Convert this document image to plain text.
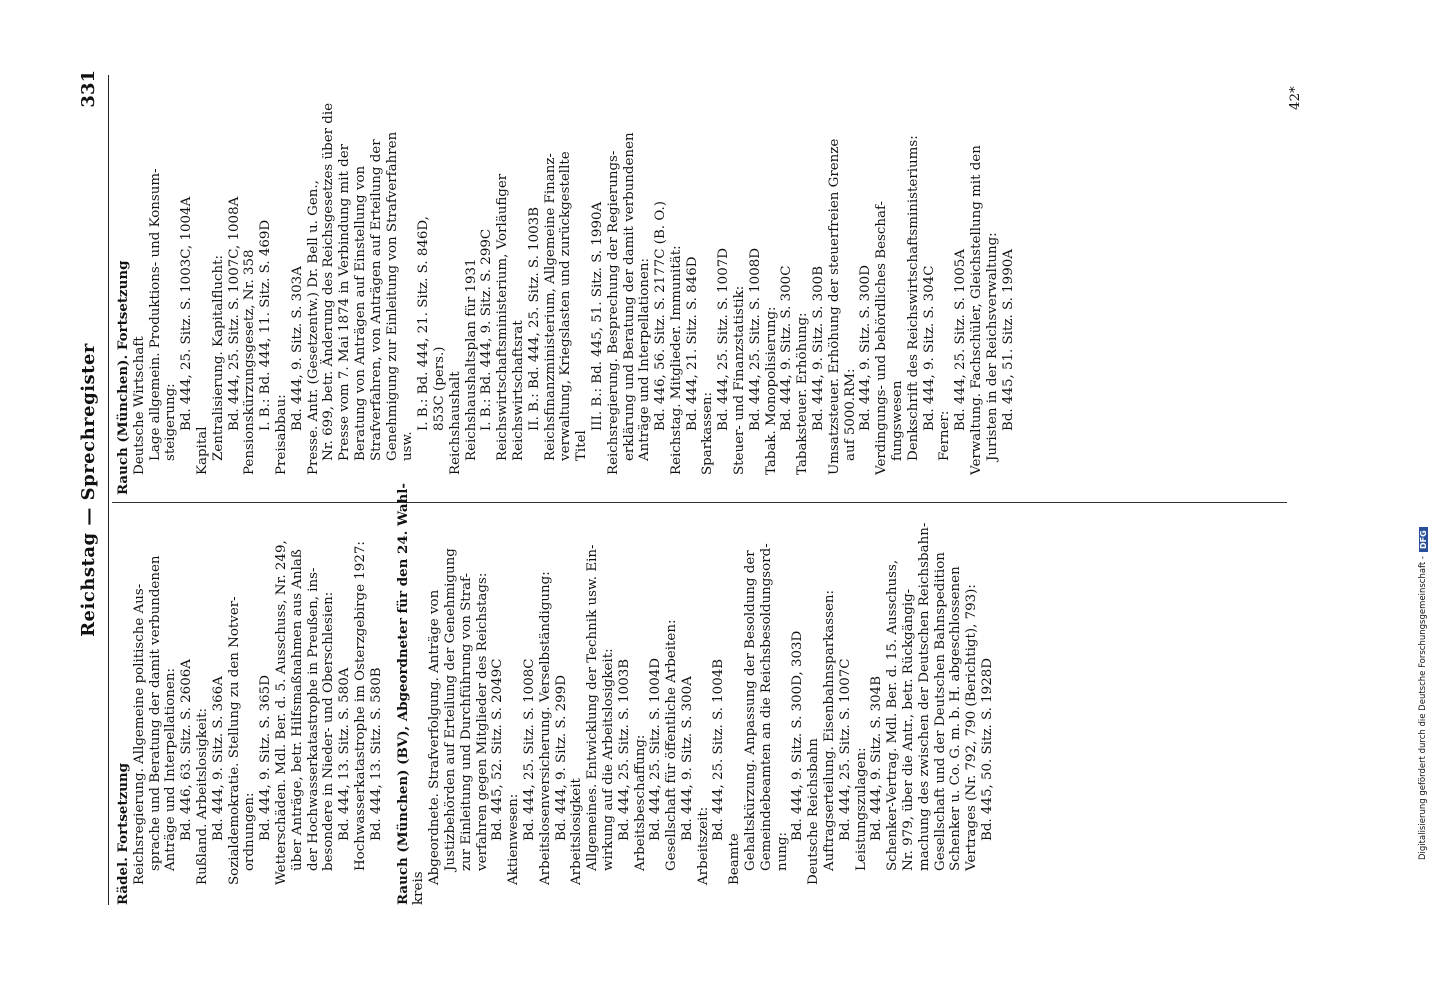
Reichstag — Sprechregister
331
Rädel. Fortsetzung Reichsregierung. Allgemeine politische Aus- sprache und Beratung der damit verbundenen Anträge und Interpellationen: Bd. 446, 63. Sitz. S. 2606A Rußland. Arbeitslosigkeit: Bd. 444, 9. Sitz. S. 366A Sozialdemokratie. Stellung zu den Notver- ordnungen: Bd. 444, 9. Sitz. S. 365D Wetterschäden. Mdl. Ber. d. 5. Ausschuss, Nr. 249, über Anträge, betr. Hilfsmaßnahmen aus Anlaß der Hochwasserkatastrophe in Preußen, ins- besondere in Nieder- und Oberschlesien: Bd. 444, 13. Sitz. S. 580A Hochwasserkatastrophe im Osterzgebirge 1927: Bd. 444, 13. Sitz. S. 580B Rauch (München) (BV), Abgeordneter für den 24. Wahl- kreis
Abgeordnete. Strafverfolgung. Anträge von Justizbehörden auf Erteilung der Genehmigung zur Einleitung und Durchführung von Straf- verfahren gegen Mitglieder des Reichstags: Bd. 445, 52. Sitz. S. 2049C Aktienwesen: Bd. 444, 25. Sitz. S. 1008C Arbeitslosenversicherung. Verselbständigung: Bd. 444, 9. Sitz. S. 299D Arbeitslosigkeit Allgemeines. Entwicklung der Technik usw. Ein- wirkung auf die Arbeitslosigkeit: Bd. 444, 25. Sitz. S. 1003B Arbeitsbeschaffung: Bd. 444, 25. Sitz. S. 1004D Gesellschaft für öffentliche Arbeiten: Bd. 444, 9. Sitz. S. 300A
Arbeitszeit:
Bd. 444, 25. Sitz. S. 1004B
Beamte Gehaltskürzung. Anpassung der Besoldung der Gemeindebeamten an die Reichsbesoldungsord- nung:
Bd. 444, 9. Sitz. S. 300D, 303D Deutsche Reichsbahn Auftragserteilung. Eisenbahnsparkassen: Bd. 444, 25. Sitz. S. 1007C Leistungszulagen: Bd. 444, 9. Sitz. S. 304B Schenker-Vertrag. Mdl. Ber. d. 15. Ausschuss, Nr. 979, über die Antr., betr. Rückgängig- machung des zwischen der Deutschen Reichsbahn- Gesellschaft und der Deutschen Bahnspedition Schenker u. Co. G. m. b. H. abgeschlossenen Vertrages (Nr. 792, 790 (Berichtigt), 793): Bd. 445, 50. Sitz. S. 1928D
Rauch (München). Fortsetzung Deutsche Wirtschaft Lage allgemein. Produktions- und Konsum- steigerung: Bd. 444, 25. Sitz. S. 1003C, 1004A
Kapital Zentralisierung. Kapitalflucht: Bd. 444, 25. Sitz. S. 1007C, 1008A Pensionskürzungsgesetz, Nr. 358 I. B.: Bd. 444, 11. Sitz. S. 469D
Preisabbau:
Bd. 444, 9. Sitz. S. 303A Presse. Antr. (Gesetzentw.) Dr. Bell u. Gen., Nr. 699, betr. Änderung des Reichsgesetzes über die Presse vom 7. Mai 1874 in Verbindung mit der Beratung von Anträgen auf Einstellung von Strafverfahren, von Anträgen auf Erteilung der Genehmigung zur Einleitung von Strafverfahren usw.
I. B.: Bd. 444, 21. Sitz. S. 846D, 853C (pers.) Reichshaushalt Reichshaushaltsplan für 1931 I. B.: Bd. 444, 9. Sitz. S. 299C Reichswirtschaftsministerium, Vorläufiger Reichswirtschaftsrat II. B.: Bd. 444, 25. Sitz. S. 1003B Reichsfinanzministerium, Allgemeine Finanz- verwaltung, Kriegslasten und zurückgestellte Titel
III. B.: Bd. 445, 51. Sitz. S. 1990A Reichsregierung. Besprechung der Regierungs- erklärung und Beratung der damit verbundenen Anträge und Interpellationen: Bd. 446, 56. Sitz. S. 2177C (B. O.) Reichstag. Mitglieder. Immunität: Bd. 444, 21. Sitz. S. 846D
Sparkassen:
Bd. 444, 25. Sitz. S. 1007D Steuer- und Finanzstatistik: Bd. 444, 25. Sitz. S. 1008D Tabak. Monopolisierung: Bd. 444, 9. Sitz. S. 300C Tabaksteuer. Erhöhung: Bd. 444, 9. Sitz. S. 300B Umsatzsteuer. Erhöhung der steuerfreien Grenze auf 5000.RM: Bd. 444, 9. Sitz. S. 300D Verdingungs- und behördliches Beschaf- fungswesen Denkschrift des Reichswirtschaftsministeriums: Bd. 444, 9. Sitz. S. 304C
Ferner:
Bd. 444, 25. Sitz. S. 1005A Verwaltung. Fachschüler, Gleichstellung mit den Juristen in der Reichsverwaltung: Bd. 445, 51. Sitz. S. 1990A
42*
Digitalisierung gefördert durch die Deutsche Forschungsgemeinschaft -
DFG
